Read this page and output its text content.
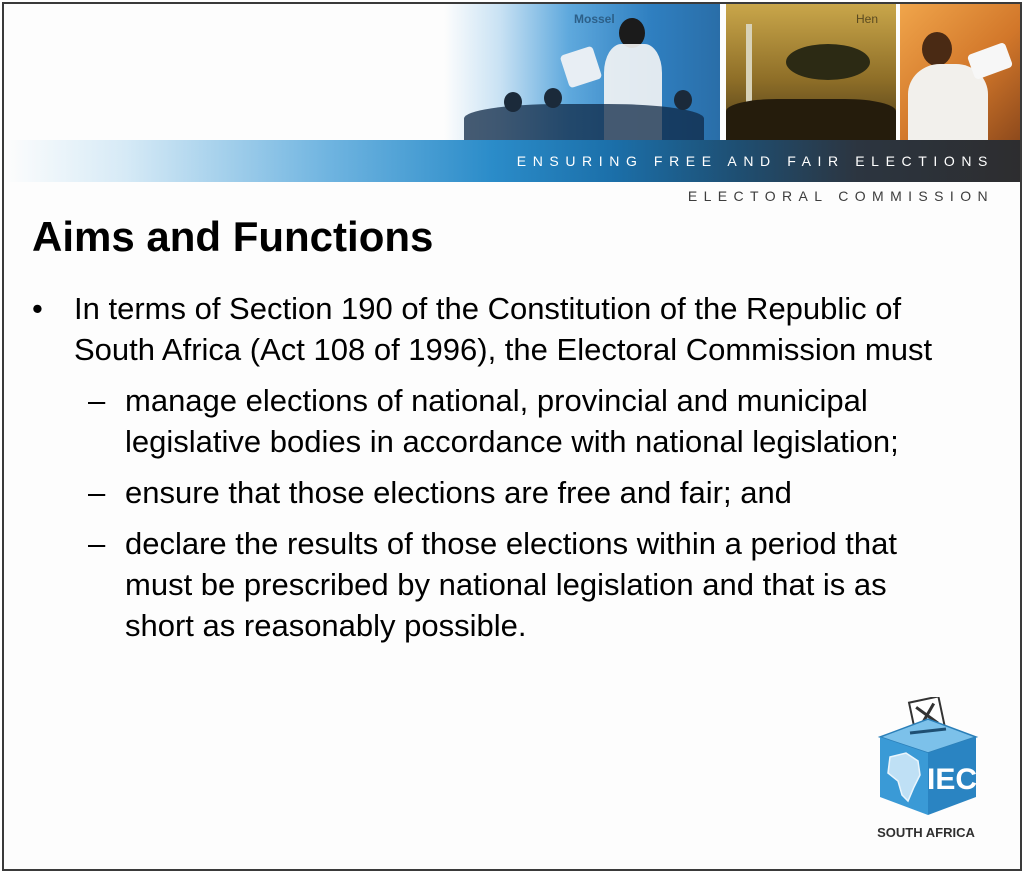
Mossel	Hen
ENSURING FREE AND FAIR ELECTIONS
ELECTORAL COMMISSION
Aims and Functions

• In terms of Section 190 of the Constitution of the Republic of South Africa (Act 108 of 1996), the Electoral Commission must

– manage elections of national, provincial and municipal legislative bodies in accordance with national legislation;

– ensure that those elections are free and fair; and

– declare the results of those elections within a period that must be prescribed by national legislation and that is as short as reasonably possible.

IEC
SOUTH AFRICA
